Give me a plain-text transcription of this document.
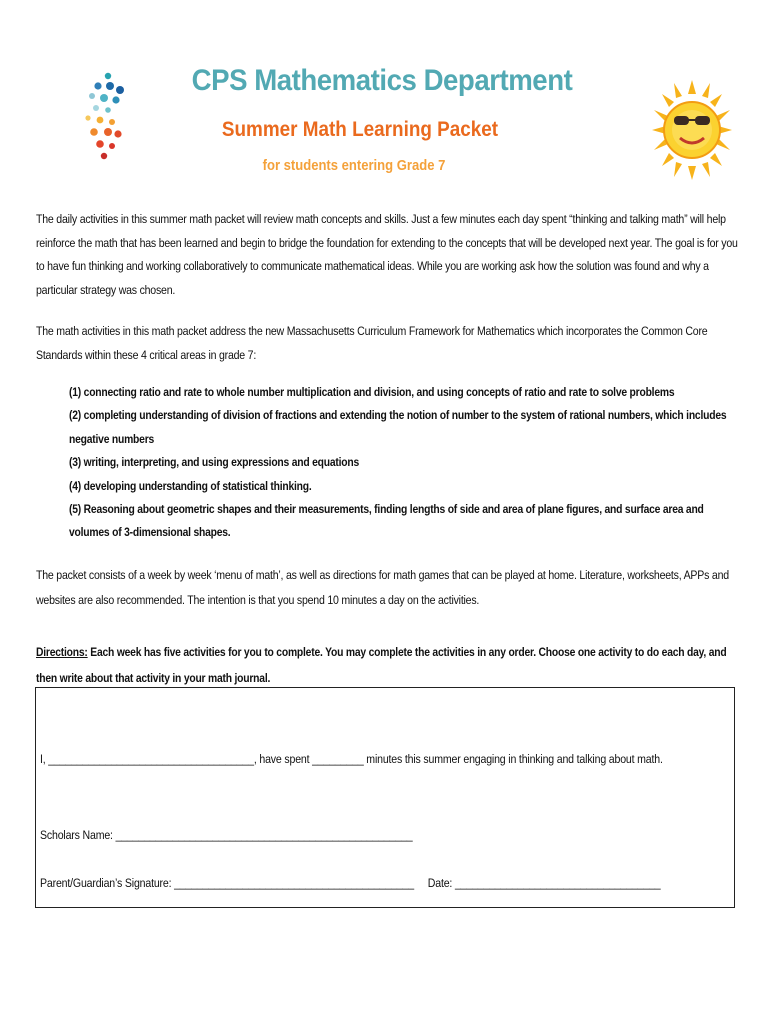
CPS Mathematics Department
Summer Math Learning Packet
for students entering Grade 7
The daily activities in this summer math packet will review math concepts and skills. Just a few minutes each day spent “thinking and talking math” will help reinforce the math that has been learned and begin to bridge the foundation for extending to the concepts that will be developed next year. The goal is for you to have fun thinking and working collaboratively to communicate mathematical ideas. While you are working ask how the solution was found and why a particular strategy was chosen.
The math activities in this math packet address the new Massachusetts Curriculum Framework for Mathematics which incorporates the Common Core Standards within these 4 critical areas in grade 7:
(1) connecting ratio and rate to whole number multiplication and division, and using concepts of ratio and rate to solve problems
(2) completing understanding of division of fractions and extending the notion of number to the system of rational numbers, which includes negative numbers
(3) writing, interpreting, and using expressions and equations
(4) developing understanding of statistical thinking.
(5) Reasoning about geometric shapes and their measurements, finding lengths of side and area of plane figures, and surface area and volumes of 3-dimensional shapes.
The packet consists of a week by week ‘menu of math’, as well as directions for math games that can be played at home. Literature, worksheets, APPs and websites are also recommended. The intention is that you spend 10 minutes a day on the activities.
Directions: Each week has five activities for you to complete. You may complete the activities in any order. Choose one activity to do each day, and then write about that activity in your math journal.
I, ____________________________________, have spent _________ minutes this summer engaging in thinking and talking about math.
Scholars Name: ____________________________________________________
Parent/Guardian’s Signature: __________________________________________     Date: ____________________________________
